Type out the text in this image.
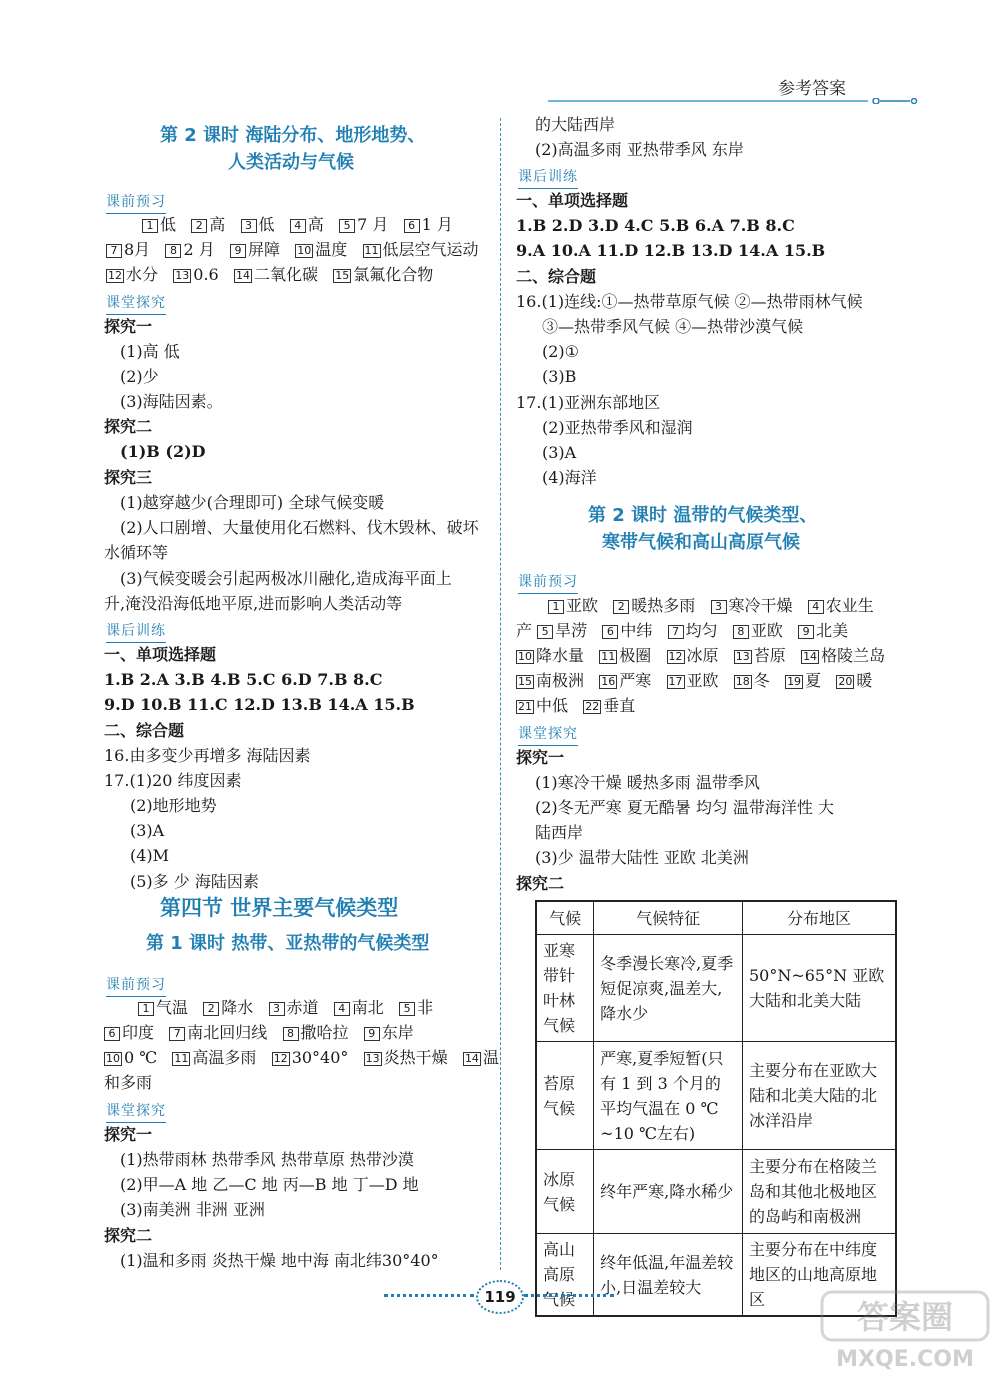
参考答案
第 2 课时 海陆分布、地形地势、
人类活动与气候
课前预习
1 低   2 高   3 低   4 高   5 7 月   6 1 月
7 8月   8 2 月   9 屏障   10 温度   11 低层空气运动
12 水分   13 0.6   14 二氧化碳   15 氯氟化合物
课堂探究
探究一
(1)高 低
(2)少
(3)海陆因素。
探究二
(1)B (2)D
探究三
(1)越穿越少(合理即可) 全球气候变暖
(2)人口剧增、大量使用化石燃料、伐木毁林、破坏
水循环等
(3)气候变暖会引起两极冰川融化,造成海平面上
升,淹没沿海低地平原,进而影响人类活动等
课后训练
一、单项选择题
1.B 2.A 3.B 4.B 5.C 6.D 7.B 8.C
9.D 10.B 11.C 12.D 13.B 14.A 15.B
二、综合题
16.由多变少再增多 海陆因素
17.(1)20 纬度因素
(2)地形地势
(3)A
(4)M
(5)多 少 海陆因素
第四节 世界主要气候类型
第 1 课时 热带、亚热带的气候类型
课前预习
1 气温   2 降水   3 赤道   4 南北   5 非
6 印度   7 南北回归线   8 撒哈拉   9 东岸
10 0 ℃   11 高温多雨   12 30°40°   13 炎热干燥   14 温
和多雨
课堂探究
探究一
(1)热带雨林 热带季风 热带草原 热带沙漠
(2)甲—A 地 乙—C 地 丙—B 地 丁—D 地
(3)南美洲 非洲 亚洲
探究二
(1)温和多雨 炎热干燥 地中海 南北纬30°40°
的大陆西岸
(2)高温多雨 亚热带季风 东岸
课后训练
一、单项选择题
1.B 2.D 3.D 4.C 5.B 6.A 7.B 8.C
9.A 10.A 11.D 12.B 13.D 14.A 15.B
二、综合题
16.(1)连线:①—热带草原气候 ②—热带雨林气候
③—热带季风气候 ④—热带沙漠气候
(2)①
(3)B
17.(1)亚洲东部地区
(2)亚热带季风和湿润
(3)A
(4)海洋
第 2 课时 温带的气候类型、
寒带气候和高山高原气候
课前预习
1 亚欧   2 暖热多雨   3 寒冷干燥   4 农业生
产 5 旱涝   6 中纬   7 均匀   8 亚欧   9 北美
10 降水量   11 极圈   12 冰原   13 苔原   14 格陵兰岛
15 南极洲   16 严寒   17 亚欧   18 冬   19 夏   20 暖
21 中低   22 垂直
课堂探究
探究一
(1)寒冷干燥 暖热多雨 温带季风
(2)冬无严寒 夏无酷暑 均匀 温带海洋性 大
陆西岸
(3)少 温带大陆性 亚欧 北美洲
探究二
气候	气候特征	分布地区
亚寒带针叶林气候	冬季漫长寒冷,夏季短促凉爽,温差大,降水少	50°N~65°N 亚欧大陆和北美大陆
苔原气候	严寒,夏季短暂(只有 1 到 3 个月的平均气温在 0 ℃ ~10 ℃左右)	主要分布在亚欧大陆和北美大陆的北冰洋沿岸
冰原气候	终年严寒,降水稀少	主要分布在格陵兰岛和其他北极地区的岛屿和南极洲
高山高原气候	终年低温,年温差较小,日温差较大	主要分布在中纬度地区的山地高原地区
119
答案圈
MXQE.COM
